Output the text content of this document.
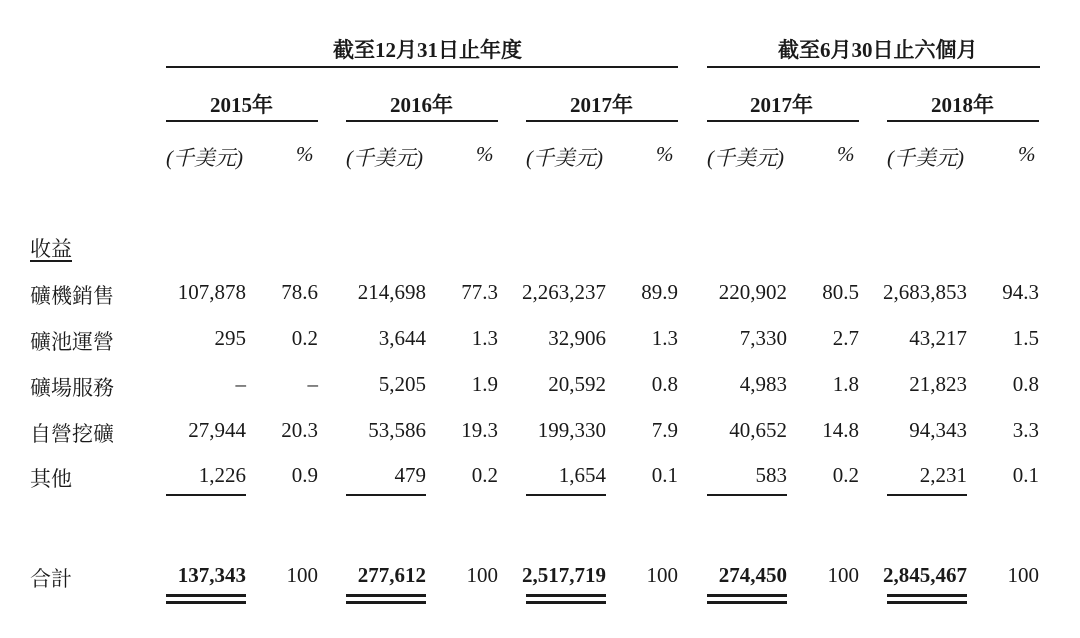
截至12月31日止年度	截至6月30日止六個月
2015年	2016年	2017年	2017年	2018年
(千美元)	% (千美元)	% (千美元)	% (千美元)	% (千美元)	%
收益
礦機銷售	107,878	78.6	214,698	77.3	2,263,237	89.9	220,902	80.5	2,683,853	94.3
礦池運營	295	0.2	3,644	1.3	32,906	1.3	7,330	2.7	43,217	1.5
礦場服務	–	–	5,205	1.9	20,592	0.8	4,983	1.8	21,823	0.8
自營挖礦	27,944	20.3	53,586	19.3	199,330	7.9	40,652	14.8	94,343	3.3
其他	1,226	0.9	479	0.2	1,654	0.1	583	0.2	2,231	0.1
合計	137,343	100	277,612	100	2,517,719	100	274,450	100	2,845,467	100
